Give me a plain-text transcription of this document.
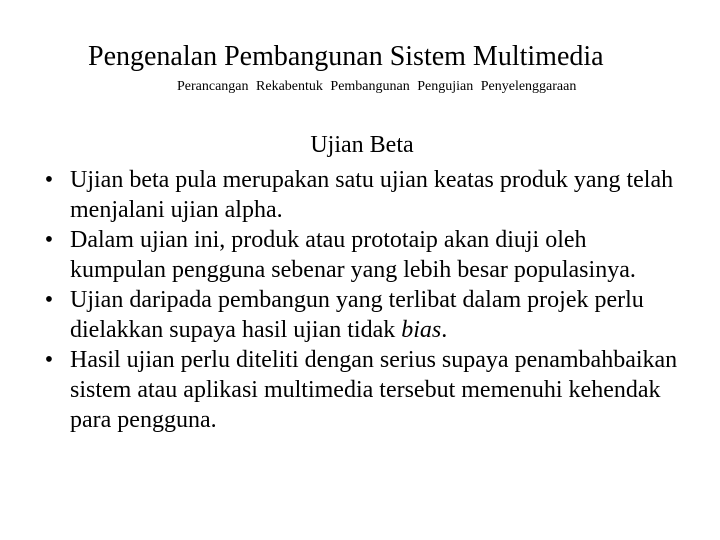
Pengenalan Pembangunan Sistem Multimedia
Perancangan Rekabentuk Pembangunan Pengujian Penyelenggaraan
Ujian Beta
• Ujian beta pula merupakan satu ujian keatas produk yang telah menjalani ujian alpha.
• Dalam ujian ini, produk atau prototaip akan diuji oleh kumpulan pengguna sebenar yang lebih besar populasinya.
• Ujian daripada pembangun yang terlibat dalam projek perlu dielakkan supaya hasil ujian tidak bias.
• Hasil ujian perlu diteliti dengan serius supaya penambahbaikan sistem atau aplikasi multimedia tersebut memenuhi kehendak para pengguna.
